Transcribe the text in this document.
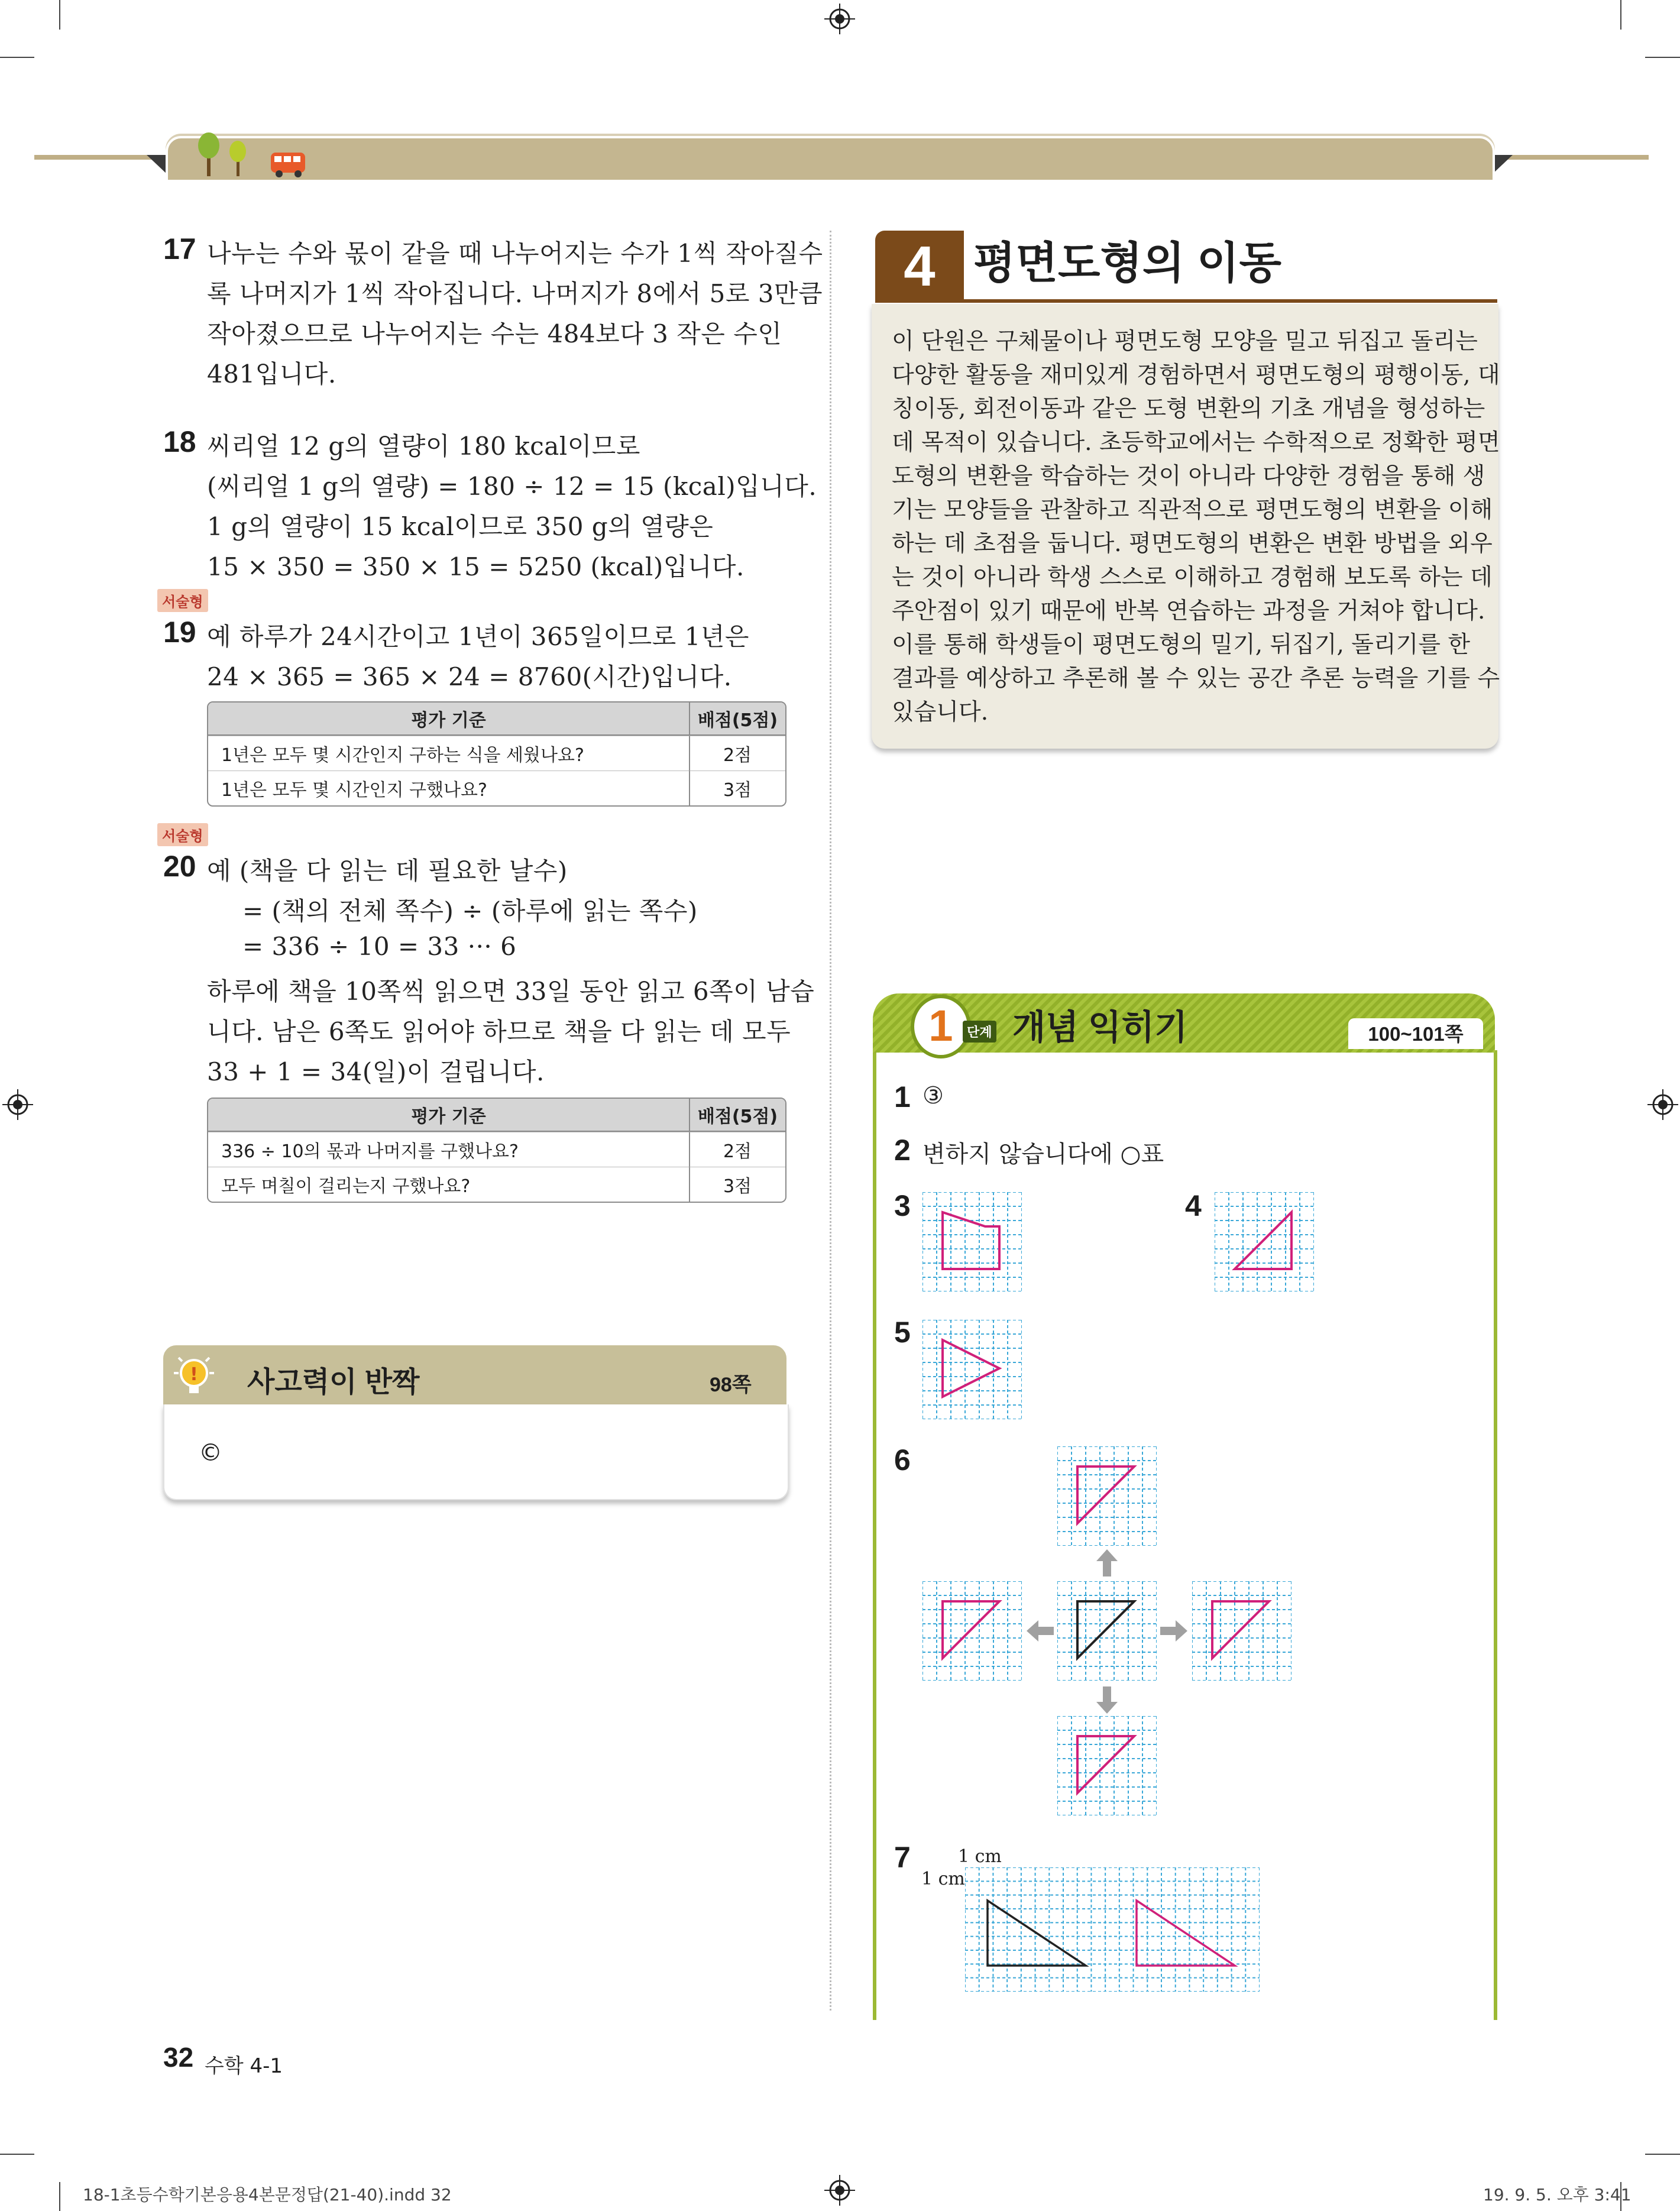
17 나누는 수와 몫이 같을 때 나누어지는 수가 1씩 작아질수
록 나머지가 1씩 작아집니다. 나머지가 8에서 5로 3만큼
작아졌으므로 나누어지는 수는 484보다 3 작은 수인
481입니다.
18 씨리얼 12 g의 열량이 180 kcal이므로
(씨리얼 1 g의 열량) = 180 ÷ 12 = 15 (kcal)입니다.
1 g의 열량이 15 kcal이므로 350 g의 열량은
15 × 350 = 350 × 15 = 5250 (kcal)입니다.
서술형
19 예 하루가 24시간이고 1년이 365일이므로 1년은
24 × 365 = 365 × 24 = 8760(시간)입니다.
평가 기준	배점(5점)
1년은 모두 몇 시간인지 구하는 식을 세웠나요?	2점
1년은 모두 몇 시간인지 구했나요?	3점
서술형
20 예 (책을 다 읽는 데 필요한 날수)
= (책의 전체 쪽수) ÷ (하루에 읽는 쪽수)
= 336 ÷ 10 = 33 ··· 6
하루에 책을 10쪽씩 읽으면 33일 동안 읽고 6쪽이 남습
니다. 남은 6쪽도 읽어야 하므로 책을 다 읽는 데 모두
33 + 1 = 34(일)이 걸립니다.
평가 기준	배점(5점)
336 ÷ 10의 몫과 나머지를 구했나요?	2점
모두 며칠이 걸리는지 구했나요?	3점
! 사고력이 반짝	98쪽
©
4 평면도형의 이동
이 단원은 구체물이나 평면도형 모양을 밀고 뒤집고 돌리는
다양한 활동을 재미있게 경험하면서 평면도형의 평행이동, 대
칭이동, 회전이동과 같은 도형 변환의 기초 개념을 형성하는
데 목적이 있습니다. 초등학교에서는 수학적으로 정확한 평면
도형의 변환을 학습하는 것이 아니라 다양한 경험을 통해 생
기는 모양들을 관찰하고 직관적으로 평면도형의 변환을 이해
하는 데 초점을 둡니다. 평면도형의 변환은 변환 방법을 외우
는 것이 아니라 학생 스스로 이해하고 경험해 보도록 하는 데
주안점이 있기 때문에 반복 연습하는 과정을 거쳐야 합니다.
이를 통해 학생들이 평면도형의 밀기, 뒤집기, 돌리기를 한
결과를 예상하고 추론해 볼 수 있는 공간 추론 능력을 기를 수
있습니다.
1	단계 개념 익히기	100~101쪽
1 ③
2 변하지 않습니다에 ○표
3	4
5
6
7	1 cm
1 cm
32 수학 4-1
18-1초등수학기본응용4본문정답(21-40).indd 32	19. 9. 5. 오후 3:41
